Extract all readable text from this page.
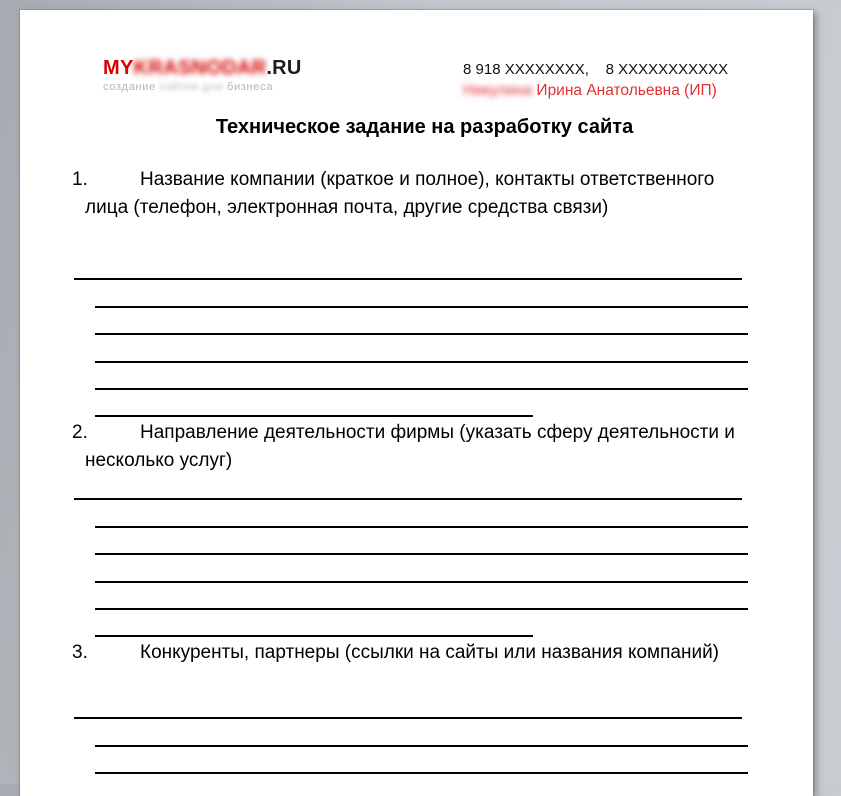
MYKRASNODAR.RU
создание сайтов для бизнеса
8 918 XXXXXXXX,    8 XXXXXXXXXXX
Никулина Ирина Анатольевна (ИП)
Техническое задание на разработку сайта

1.	Название компании (краткое и полное), контакты ответственного лица (телефон, электронная почта, другие средства связи)

2.	Направление деятельности фирмы (указать сферу деятельности и несколько услуг)

3.	Конкуренты, партнеры (ссылки на сайты или названия компаний)
